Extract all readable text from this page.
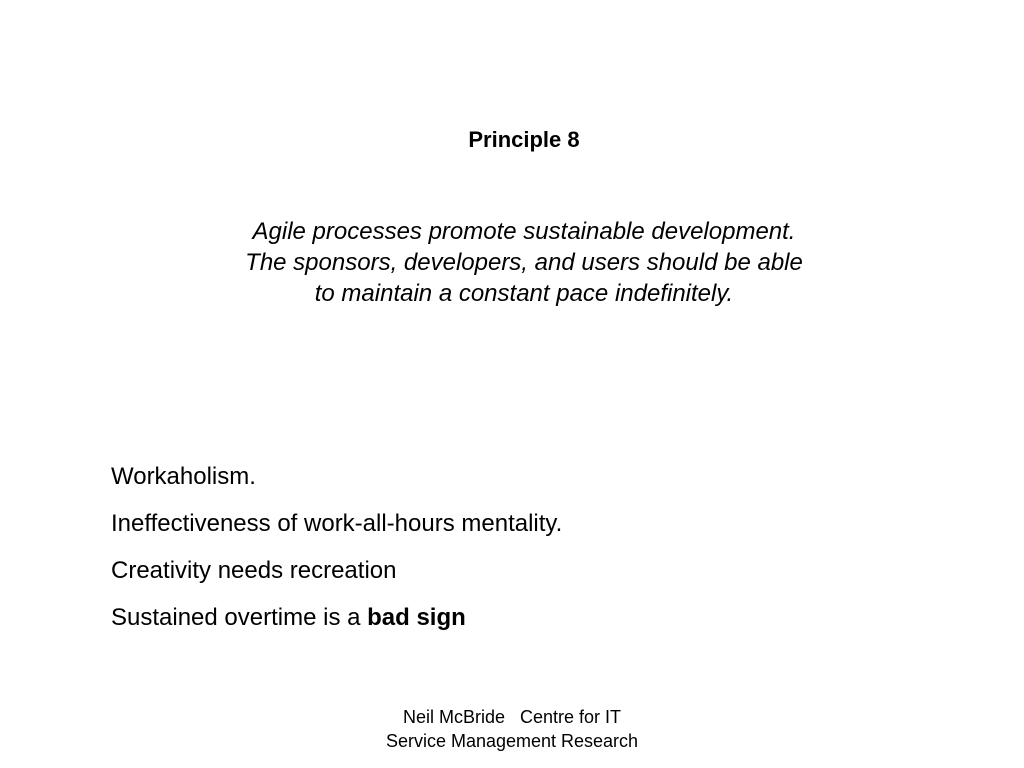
Principle 8
Agile processes promote sustainable development.
The sponsors, developers, and users should be able
to maintain a constant pace indefinitely.
Workaholism.
Ineffectiveness of work-all-hours mentality.
Creativity needs recreation
Sustained overtime is a bad sign
Neil McBride   Centre for IT
Service Management Research
